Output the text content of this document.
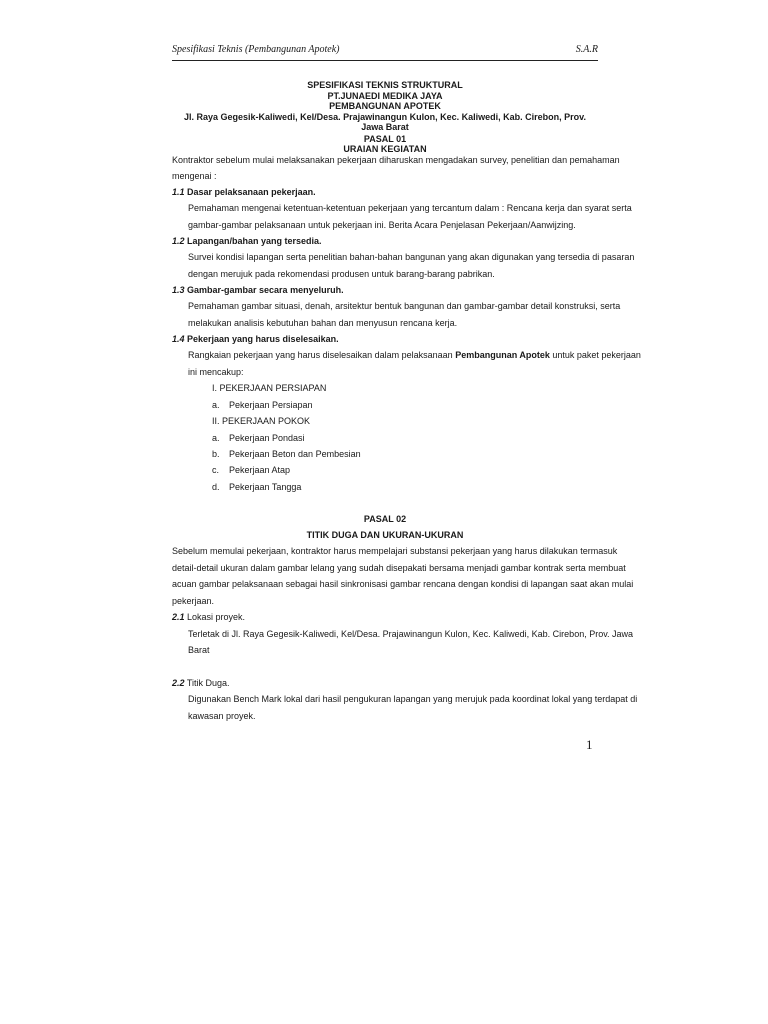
Spesifikasi Teknis (Pembangunan Apotek)	S.A.R
SPESIFIKASI TEKNIS STRUKTURAL
PT.JUNAEDI MEDIKA JAYA
PEMBANGUNAN APOTEK
Jl. Raya Gegesik-Kaliwedi, Kel/Desa. Prajawinangun Kulon, Kec. Kaliwedi, Kab. Cirebon, Prov. Jawa Barat
PASAL 01
URAIAN KEGIATAN
Kontraktor sebelum mulai melaksanakan pekerjaan diharuskan mengadakan survey, penelitian dan pemahaman
mengenai :
1.1 Dasar pelaksanaan pekerjaan.
Pemahaman mengenai ketentuan-ketentuan pekerjaan yang tercantum dalam : Rencana kerja dan syarat serta
gambar-gambar pelaksanaan untuk pekerjaan ini. Berita Acara Penjelasan Pekerjaan/Aanwijzing.
1.2 Lapangan/bahan yang tersedia.
Survei kondisi lapangan serta penelitian bahan-bahan bangunan yang akan digunakan yang tersedia di pasaran
dengan merujuk pada rekomendasi produsen untuk barang-barang pabrikan.
1.3 Gambar-gambar secara menyeluruh.
Pemahaman gambar situasi, denah, arsitektur bentuk bangunan dan gambar-gambar detail konstruksi, serta
melakukan analisis kebutuhan bahan dan menyusun rencana kerja.
1.4 Pekerjaan yang harus diselesaikan.
Rangkaian pekerjaan yang harus diselesaikan dalam pelaksanaan Pembangunan Apotek untuk paket pekerjaan
ini mencakup:
I. PEKERJAAN PERSIAPAN
a. Pekerjaan Persiapan
II. PEKERJAAN POKOK
a. Pekerjaan Pondasi
b. Pekerjaan Beton dan Pembesian
c. Pekerjaan Atap
d. Pekerjaan Tangga
PASAL 02
TITIK DUGA DAN UKURAN-UKURAN
Sebelum memulai pekerjaan, kontraktor harus mempelajari substansi pekerjaan yang harus dilakukan termasuk
detail-detail ukuran dalam gambar lelang yang sudah disepakati bersama menjadi gambar kontrak serta membuat
acuan gambar pelaksanaan sebagai hasil sinkronisasi gambar rencana dengan kondisi di lapangan saat akan mulai
pekerjaan.
2.1 Lokasi proyek.
Terletak di Jl. Raya Gegesik-Kaliwedi, Kel/Desa. Prajawinangun Kulon, Kec. Kaliwedi, Kab. Cirebon, Prov. Jawa
Barat
2.2 Titik Duga.
Digunakan Bench Mark lokal dari hasil pengukuran lapangan yang merujuk pada koordinat lokal yang terdapat di
kawasan proyek.
1
